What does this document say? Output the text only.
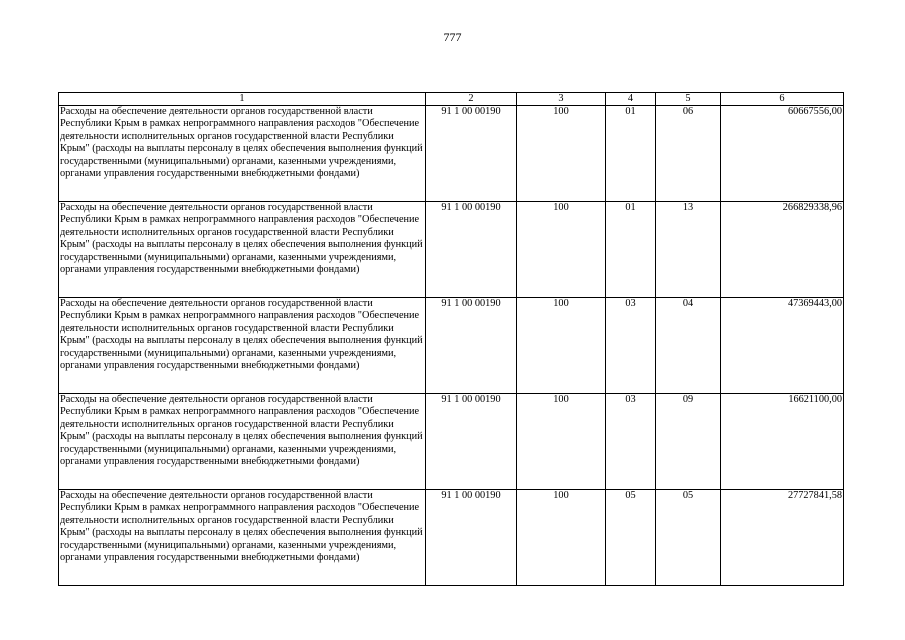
777
1	2	3	4	5	6
Расходы на обеспечение деятельности органов государственной власти Республики Крым в рамках непрограммного направления расходов "Обеспечение деятельности исполнительных органов государственной власти Республики Крым" (расходы на выплаты персоналу в целях обеспечения выполнения функций государственными (муниципальными) органами, казенными учреждениями, органами управления государственными внебюджетными фондами)	91 1 00 00190	100	01	06	60667556,00
Расходы на обеспечение деятельности органов государственной власти Республики Крым в рамках непрограммного направления расходов "Обеспечение деятельности исполнительных органов государственной власти Республики Крым" (расходы на выплаты персоналу в целях обеспечения выполнения функций государственными (муниципальными) органами, казенными учреждениями, органами управления государственными внебюджетными фондами)	91 1 00 00190	100	01	13	266829338,96
Расходы на обеспечение деятельности органов государственной власти Республики Крым в рамках непрограммного направления расходов "Обеспечение деятельности исполнительных органов государственной власти Республики Крым" (расходы на выплаты персоналу в целях обеспечения выполнения функций государственными (муниципальными) органами, казенными учреждениями, органами управления государственными внебюджетными фондами)	91 1 00 00190	100	03	04	47369443,00
Расходы на обеспечение деятельности органов государственной власти Республики Крым в рамках непрограммного направления расходов "Обеспечение деятельности исполнительных органов государственной власти Республики Крым" (расходы на выплаты персоналу в целях обеспечения выполнения функций государственными (муниципальными) органами, казенными учреждениями, органами управления государственными внебюджетными фондами)	91 1 00 00190	100	03	09	16621100,00
Расходы на обеспечение деятельности органов государственной власти Республики Крым в рамках непрограммного направления расходов "Обеспечение деятельности исполнительных органов государственной власти Республики Крым" (расходы на выплаты персоналу в целях обеспечения выполнения функций государственными (муниципальными) органами, казенными учреждениями, органами управления государственными внебюджетными фондами)	91 1 00 00190	100	05	05	27727841,58
